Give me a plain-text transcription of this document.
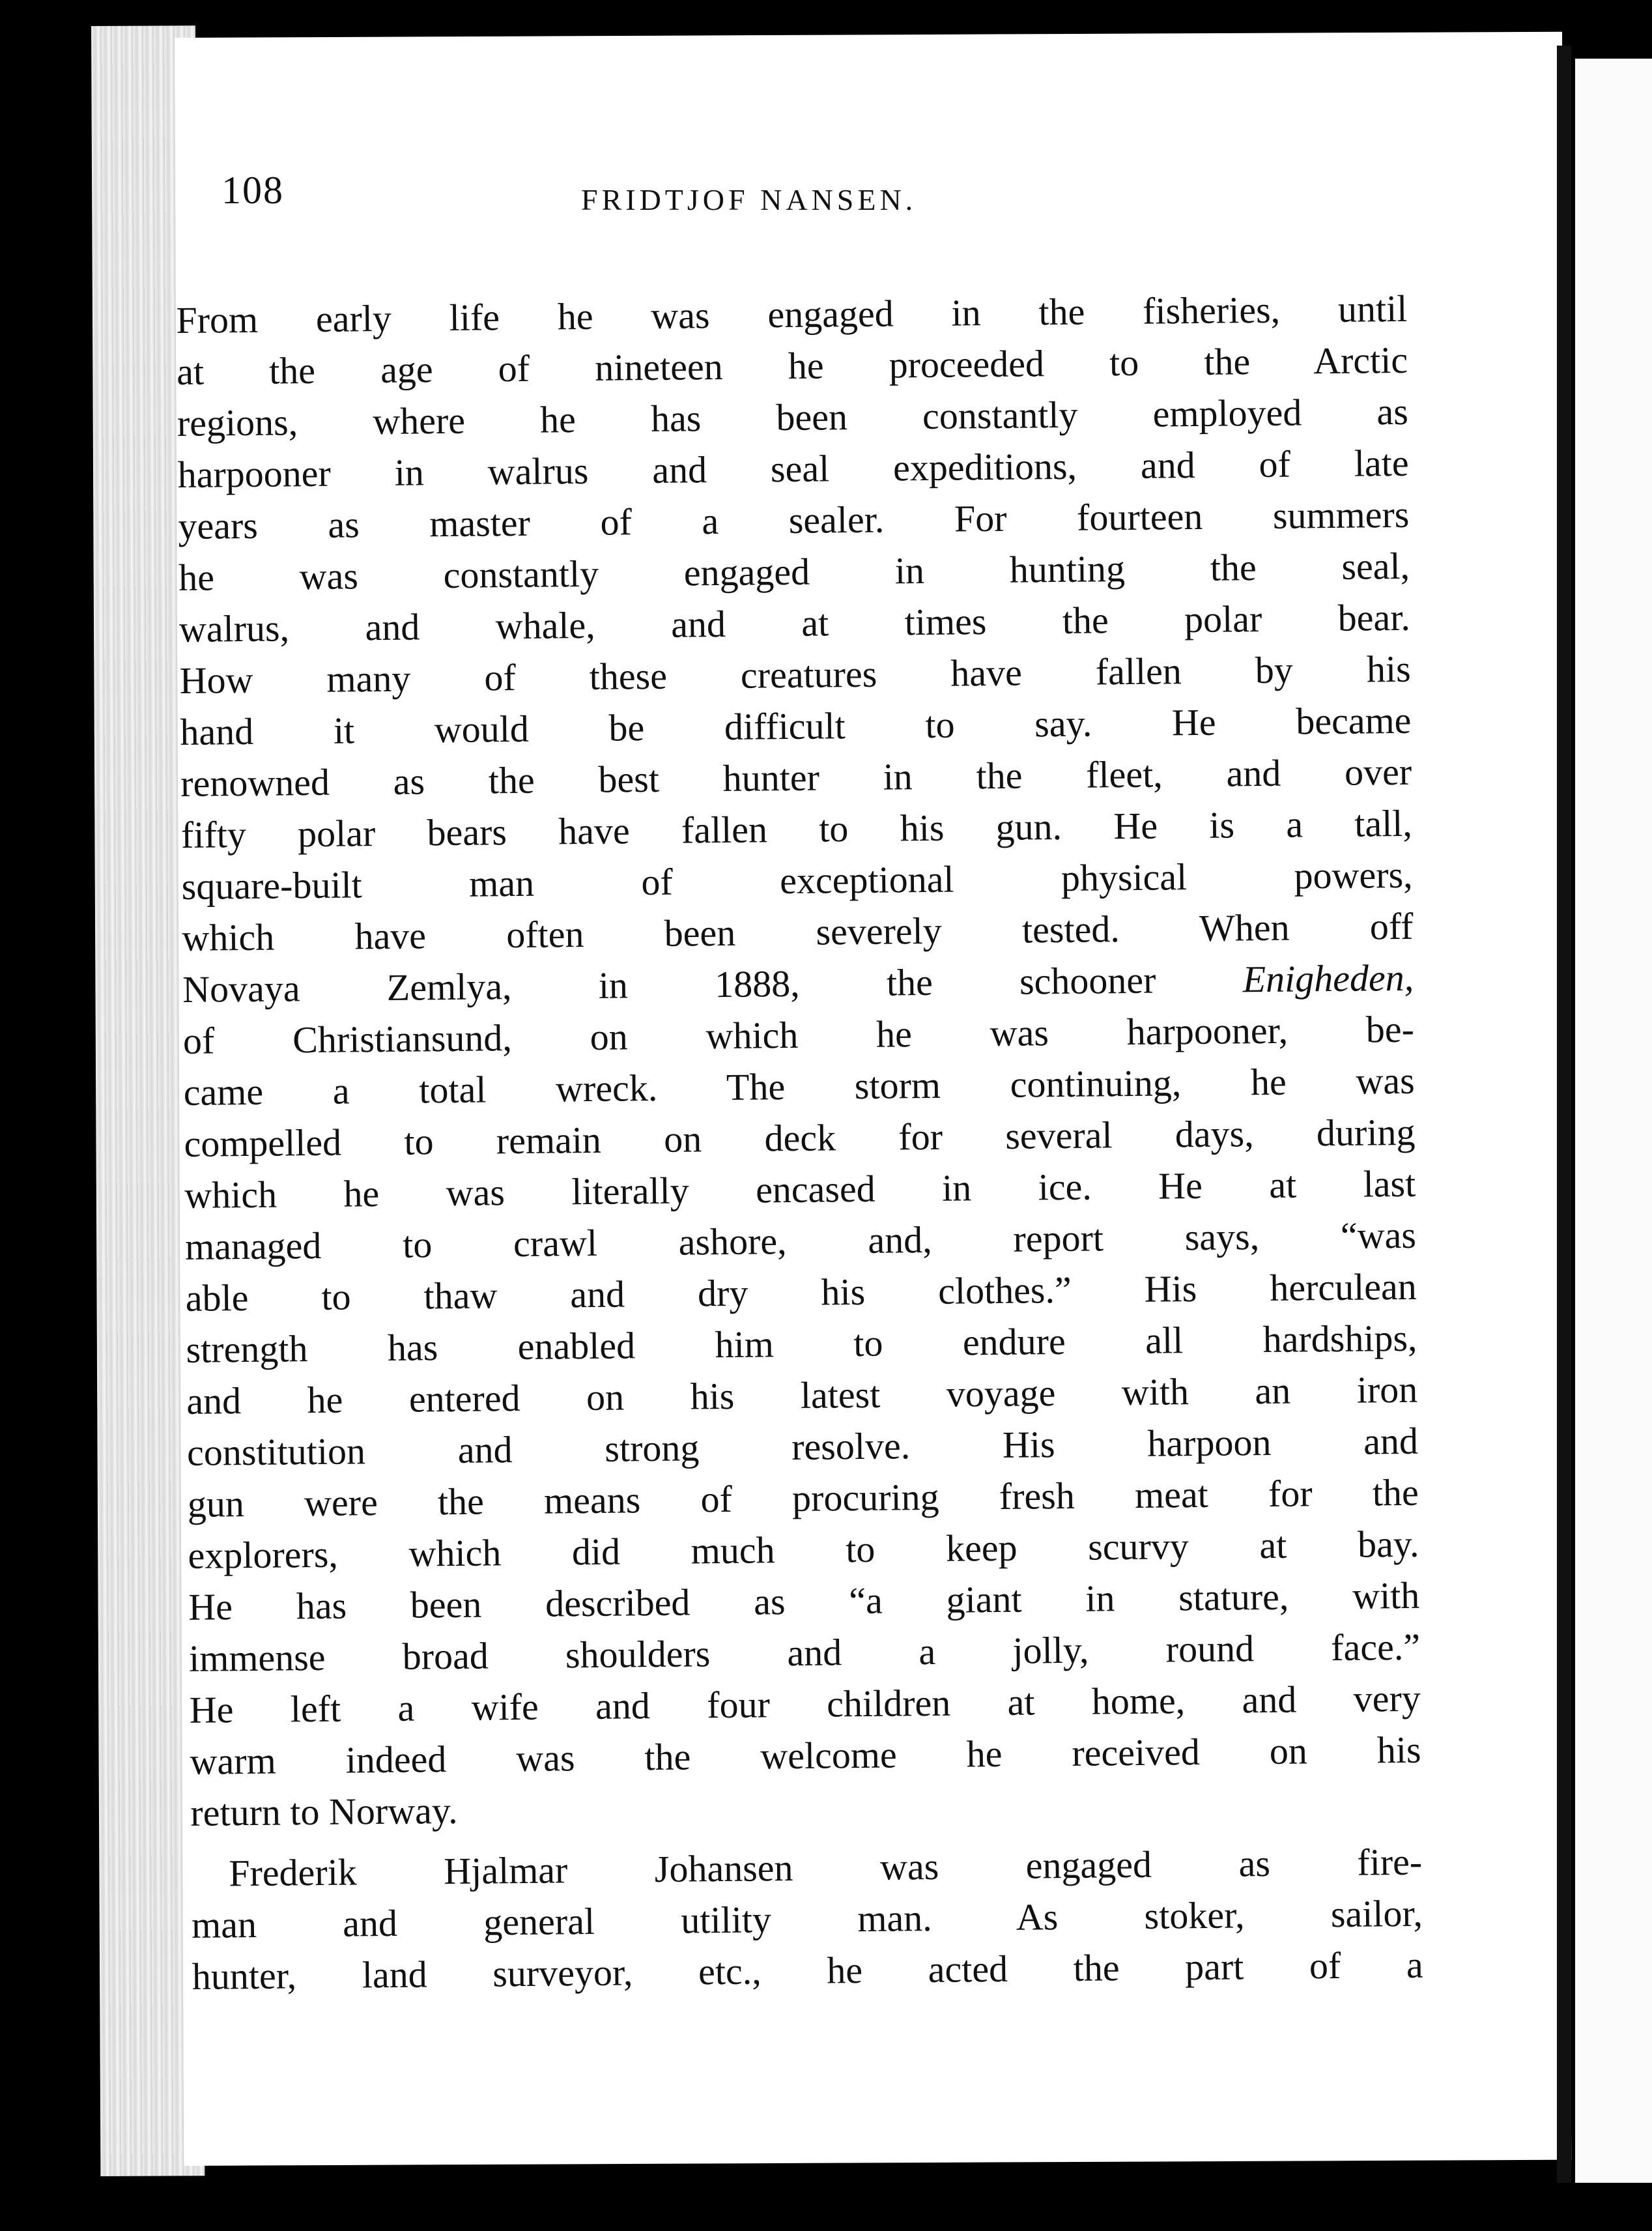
108	FRIDTJOF NANSEN.
From early life he was engaged in the fisheries, until
at the age of nineteen he proceeded to the Arctic
regions, where he has been constantly employed as
harpooner in walrus and seal expeditions, and of late
years as master of a sealer. For fourteen summers
he was constantly engaged in hunting the seal,
walrus, and whale, and at times the polar bear.
How many of these creatures have fallen by his
hand it would be difficult to say. He became
renowned as the best hunter in the fleet, and over
fifty polar bears have fallen to his gun. He is a tall,
square-built man of exceptional physical powers,
which have often been severely tested. When off
Novaya Zemlya, in 1888, the schooner Enigheden,
of Christiansund, on which he was harpooner, be-
came a total wreck. The storm continuing, he was
compelled to remain on deck for several days, during
which he was literally encased in ice. He at last
managed to crawl ashore, and, report says, “was
able to thaw and dry his clothes.” His herculean
strength has enabled him to endure all hardships,
and he entered on his latest voyage with an iron
constitution and strong resolve. His harpoon and
gun were the means of procuring fresh meat for the
explorers, which did much to keep scurvy at bay.
He has been described as “a giant in stature, with
immense broad shoulders and a jolly, round face.”
He left a wife and four children at home, and very
warm indeed was the welcome he received on his
return to Norway.
Frederik Hjalmar Johansen was engaged as fire-
man and general utility man. As stoker, sailor,
hunter, land surveyor, etc., he acted the part of a
